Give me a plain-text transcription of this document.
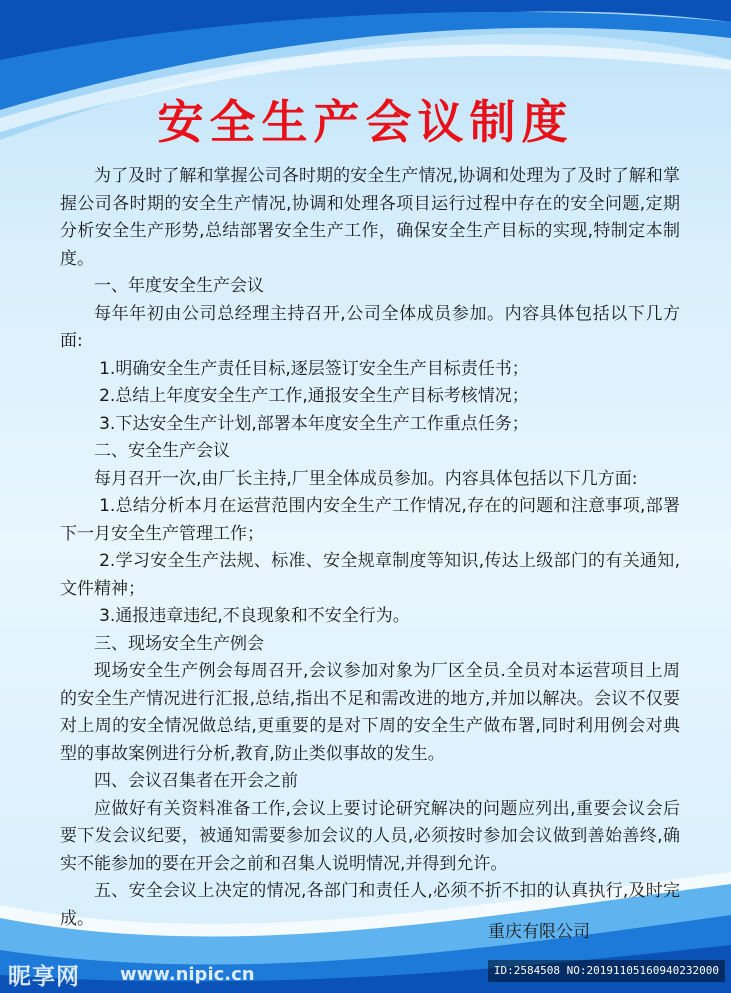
安全生产会议制度

为了及时了解和掌握公司各时期的安全生产情况,协调和处理为了及时了解和掌握公司各时期的安全生产情况,协调和处理各项目运行过程中存在的安全问题,定期分析安全生产形势,总结部署安全生产工作，确保安全生产目标的实现,特制定本制度。

一、年度安全生产会议

每年年初由公司总经理主持召开,公司全体成员参加。内容具体包括以下几方面:

1.明确安全生产责任目标,逐层签订安全生产目标责任书；

2.总结上年度安全生产工作,通报安全生产目标考核情况；

3.下达安全生产计划,部署本年度安全生产工作重点任务；

二、安全生产会议

每月召开一次,由厂长主持,厂里全体成员参加。内容具体包括以下几方面:

1.总结分析本月在运营范围内安全生产工作情况,存在的问题和注意事项,部署下一月安全生产管理工作；

2.学习安全生产法规、标准、安全规章制度等知识,传达上级部门的有关通知,文件精神；

3.通报违章违纪,不良现象和不安全行为。

三、现场安全生产例会

现场安全生产例会每周召开,会议参加对象为厂区全员.全员对本运营项目上周的安全生产情况进行汇报,总结,指出不足和需改进的地方,并加以解决。会议不仅要对上周的安全情况做总结,更重要的是对下周的安全生产做布署,同时利用例会对典型的事故案例进行分析,教育,防止类似事故的发生。

四、会议召集者在开会之前

应做好有关资料准备工作,会议上要讨论研究解决的问题应列出,重要会议会后要下发会议纪要，被通知需要参加会议的人员,必须按时参加会议做到善始善终,确实不能参加的要在开会之前和召集人说明情况,并得到允许。

五、安全会议上决定的情况,各部门和责任人,必须不折不扣的认真执行,及时完成。

重庆有限公司
昵享网 www.nipic.cn	ID:2584508 NO:20191105160940232000
